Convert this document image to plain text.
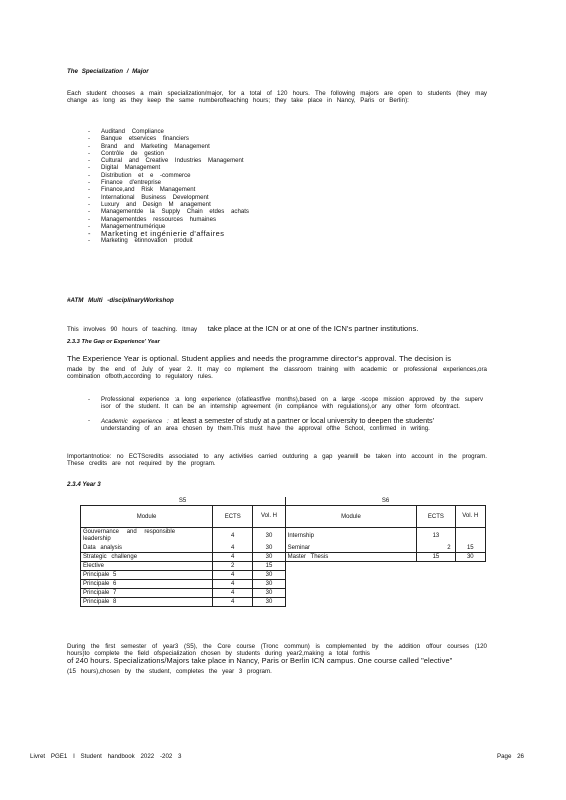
The Specialization / Major
Each student chooses a main specialization/major, for a total of 120 hours. The following majors are open to students (they may change as long as they keep the same numberofteaching hours; they take place in Nancy, Paris or Berlin):
- Auditand Compliance
- Banque etservices financiers
- Brand and Marketing Management
- Contrôle de gestion
- Cultural and Creative Industries Management
- Digital Management
- Distribution et e -commerce
- Finance d'entreprise
- Finance,and Risk Management
- International Business Development
- Luxury and Design M anagement
- Managementde la Supply Chain etdes achats
- Managementdes ressources humaines
- Managementnumérique
- Marketing et ingénierie d'affaires
- Marketing etinnovation produit
#ATM Multi -disciplinaryWorkshop
This involves 90 hours of teaching. Itmay take place at the ICN or at one of the ICN's partner institutions.
2.3.3 The Gap or Experience' Year
The Experience Year is optional. Student applies and needs the programme director's approval. The decision is
made by the end of July of year 2. It may co mplement the classroom training with academic or professional experiences,ora combination ofboth,according to regulatory rules.
- Professional experience :a long experience (ofatleastfive months),based on a large -scope mission approved by the superv isor of the student. It can be an internship agreement (in compliance with regulations),or any other form ofcontract.
- Academic experience : at least a semester of study at a partner or local university to deepen the students'
understanding of an area chosen by them.This must have the approval ofthe School, confirmed in writing.
Importantnotice: no ECTScredits associated to any activities carried outduring a gap yearwill be taken into account in the program. These credits are not required by the program.
2.3.4 Year 3
S5			S6		
Module	ECTS	Vol. H	Module	ECTS	Vol. H
Gouvernance and responsible leadership	4	30	Internship	13	
Data analysis	4	30	Seminar	2	15
Strategic challenge	4	30	Master Thesis	15	30
Elective	2	15			
Principale 5	4	30			
Principale 6	4	30			
Principale 7	4	30			
Principale 8	4	30			
During the first semester of year3 (S5), the Core course (Tronc commun) is complemented by the addition offour courses (120 hours)to complete the field ofspecialization chosen by students during year2,making a total forthis
of 240 hours. Specializations/Majors take place in Nancy, Paris or Berlin ICN campus. One course called "elective"
(15 hours),chosen by the student, completes the year 3 program.
Livret PGE1 I Student handbook 2022 -202 3	Page 26
